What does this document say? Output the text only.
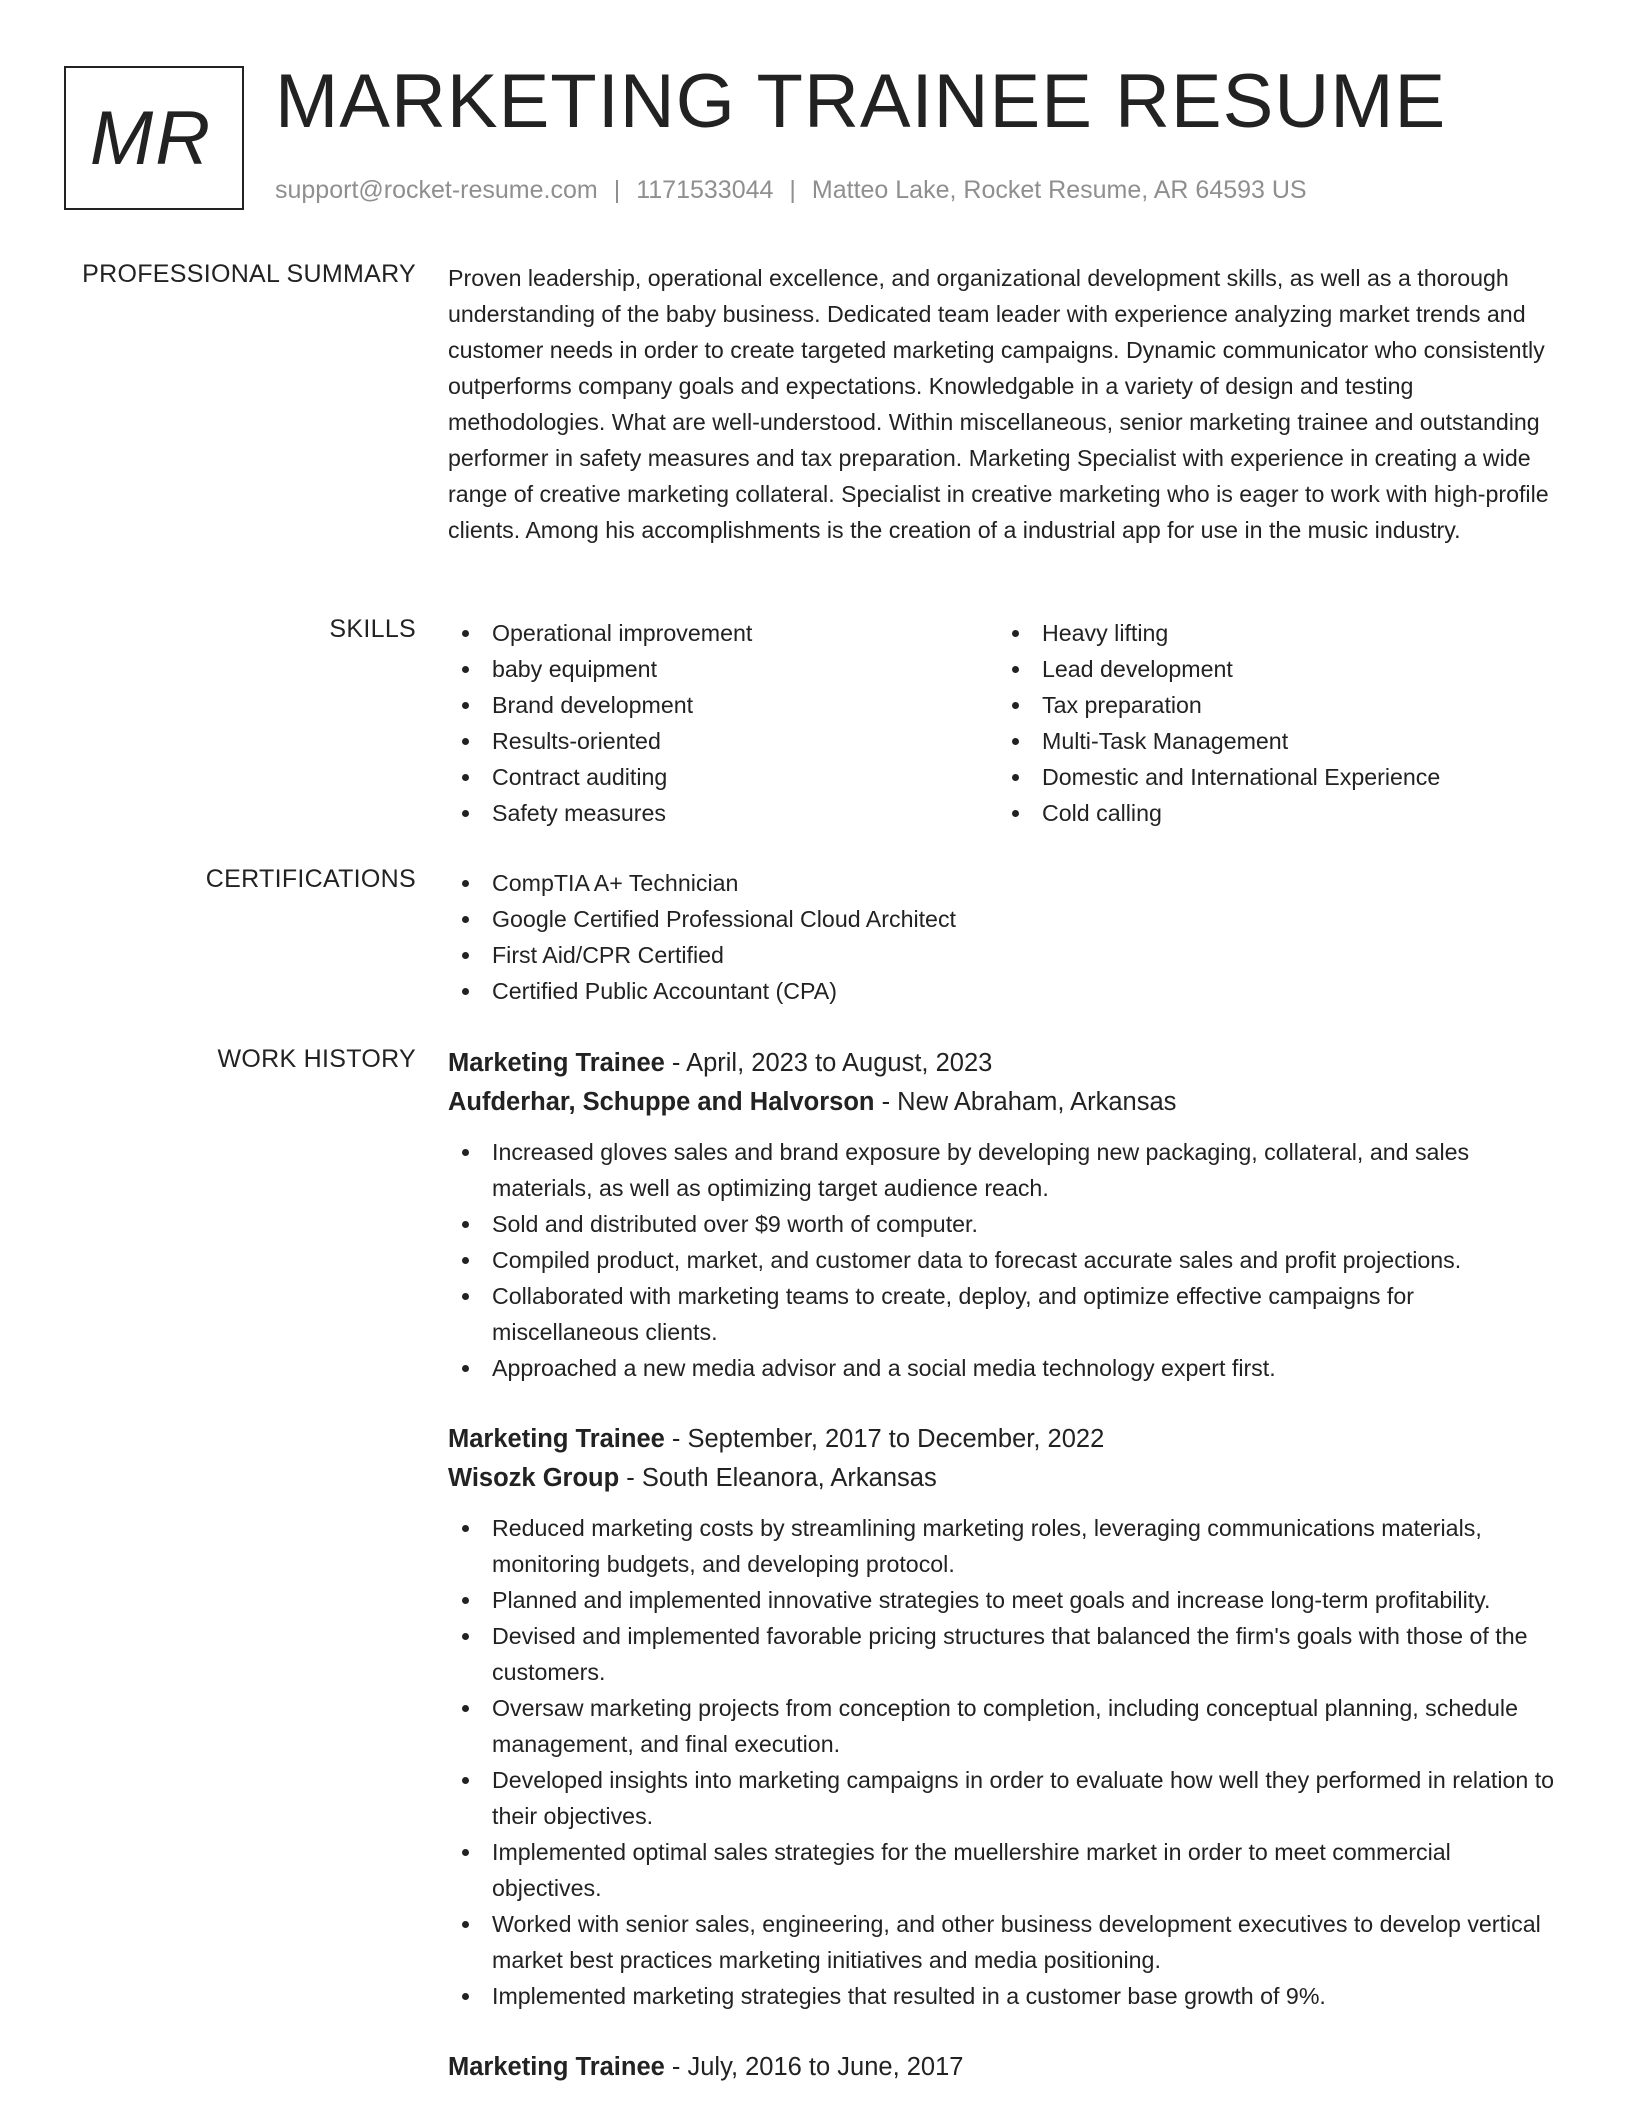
MR MARKETING TRAINEE RESUME
support@rocket-resume.com | 1171533044 | Matteo Lake, Rocket Resume, AR 64593 US
PROFESSIONAL SUMMARY Proven leadership, operational excellence, and organizational development skills, as well as a thorough understanding of the baby business. Dedicated team leader with experience analyzing market trends and customer needs in order to create targeted marketing campaigns. Dynamic communicator who consistently outperforms company goals and expectations. Knowledgable in a variety of design and testing methodologies. What are well-understood. Within miscellaneous, senior marketing trainee and outstanding performer in safety measures and tax preparation. Marketing Specialist with experience in creating a wide range of creative marketing collateral. Specialist in creative marketing who is eager to work with high-profile clients. Among his accomplishments is the creation of a industrial app for use in the music industry.

SKILLS	Operational improvement
baby equipment
Brand development
Results-oriented
Contract auditing
Safety measures
Heavy lifting
Lead development
Tax preparation
Multi-Task Management
Domestic and International Experience
Cold calling
CERTIFICATIONS	CompTIA A+ Technician
Google Certified Professional Cloud Architect
First Aid/CPR Certified
Certified Public Accountant (CPA)
WORK HISTORY Marketing Trainee - April, 2023 to August, 2023
Aufderhar, Schuppe and Halvorson - New Abraham, Arkansas
Increased gloves sales and brand exposure by developing new packaging, collateral, and sales materials, as well as optimizing target audience reach.
Sold and distributed over $9 worth of computer.
Compiled product, market, and customer data to forecast accurate sales and profit projections.
Collaborated with marketing teams to create, deploy, and optimize effective campaigns for miscellaneous clients.
Approached a new media advisor and a social media technology expert first.
Marketing Trainee - September, 2017 to December, 2022
Wisozk Group - South Eleanora, Arkansas
Reduced marketing costs by streamlining marketing roles, leveraging communications materials, monitoring budgets, and developing protocol.
Planned and implemented innovative strategies to meet goals and increase long-term profitability.
Devised and implemented favorable pricing structures that balanced the firm's goals with those of the customers.
Oversaw marketing projects from conception to completion, including conceptual planning, schedule management, and final execution.
Developed insights into marketing campaigns in order to evaluate how well they performed in relation to their objectives.
Implemented optimal sales strategies for the muellershire market in order to meet commercial objectives.
Worked with senior sales, engineering, and other business development executives to develop vertical market best practices marketing initiatives and media positioning.
Implemented marketing strategies that resulted in a customer base growth of 9%.
Marketing Trainee - July, 2016 to June, 2017
